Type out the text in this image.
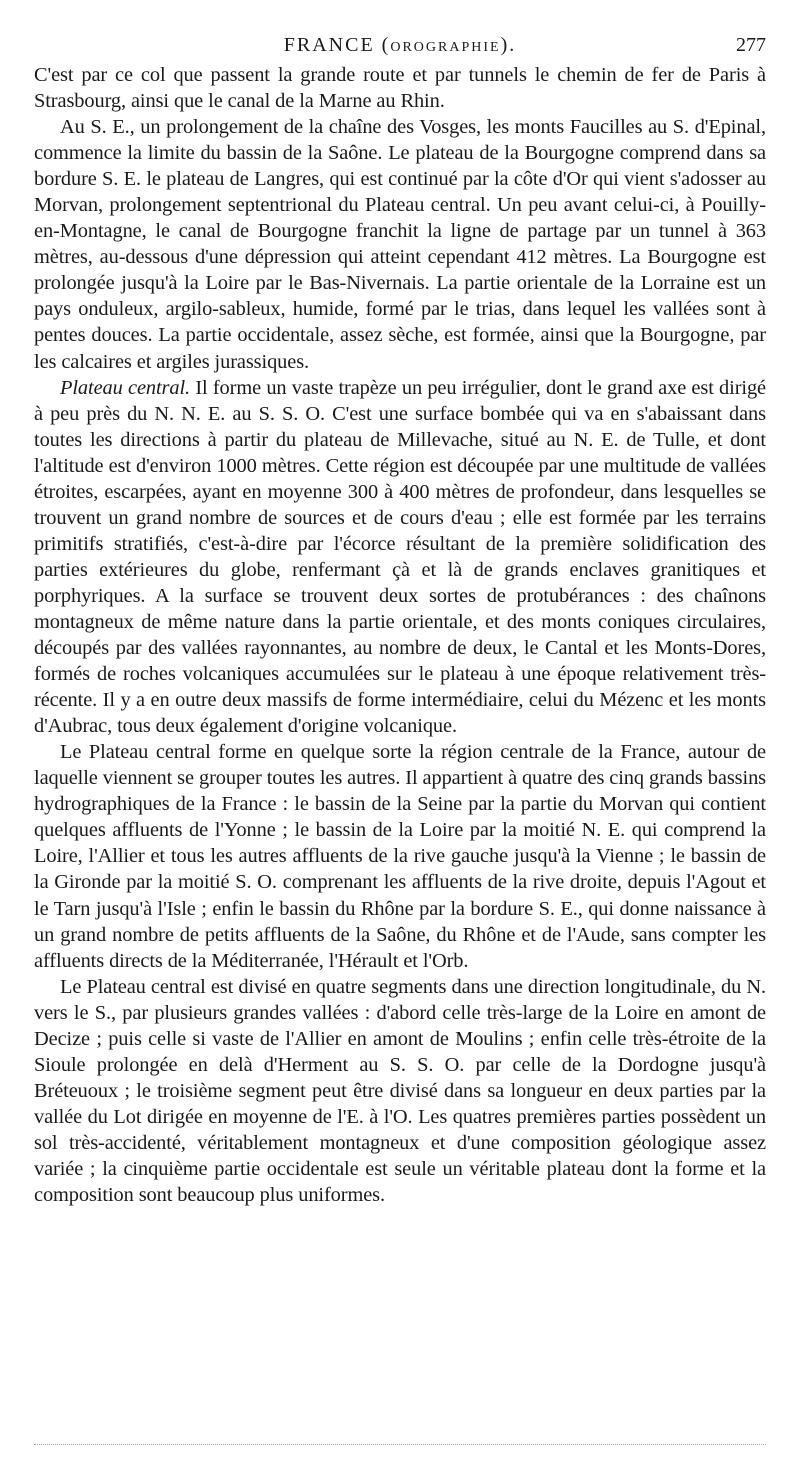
FRANCE (OROGRAPHIE).	277

C'est par ce col que passent la grande route et par tunnels le chemin de fer de Paris à Strasbourg, ainsi que le canal de la Marne au Rhin.

Au S. E., un prolongement de la chaîne des Vosges, les monts Faucilles au S. d'Epinal, commence la limite du bassin de la Saône. Le plateau de la Bourgogne comprend dans sa bordure S. E. le plateau de Langres, qui est continué par la côte d'Or qui vient s'adosser au Morvan, prolongement septentrional du Plateau central. Un peu avant celui-ci, à Pouilly-en-Montagne, le canal de Bourgogne franchit la ligne de partage par un tunnel à 363 mètres, au-dessous d'une dépression qui atteint cependant 412 mètres. La Bourgogne est prolongée jusqu'à la Loire par le Bas-Nivernais. La partie orientale de la Lorraine est un pays onduleux, argilo-sableux, humide, formé par le trias, dans lequel les vallées sont à pentes douces. La partie occidentale, assez sèche, est formée, ainsi que la Bourgogne, par les calcaires et argiles jurassiques.

Plateau central. Il forme un vaste trapèze un peu irrégulier, dont le grand axe est dirigé à peu près du N. N. E. au S. S. O. C'est une surface bombée qui va en s'abaissant dans toutes les directions à partir du plateau de Millevache, situé au N. E. de Tulle, et dont l'altitude est d'environ 1000 mètres. Cette région est découpée par une multitude de vallées étroites, escarpées, ayant en moyenne 300 à 400 mètres de profondeur, dans lesquelles se trouvent un grand nombre de sources et de cours d'eau ; elle est formée par les terrains primitifs stratifiés, c'est-à-dire par l'écorce résultant de la première solidification des parties extérieures du globe, renfermant çà et là de grands enclaves granitiques et porphyriques. A la surface se trouvent deux sortes de protubérances : des chaînons montagneux de même nature dans la partie orientale, et des monts coniques circulaires, découpés par des vallées rayonnantes, au nombre de deux, le Cantal et les Monts-Dores, formés de roches volcaniques accumulées sur le plateau à une époque relativement très-récente. Il y a en outre deux massifs de forme intermédiaire, celui du Mézenc et les monts d'Aubrac, tous deux également d'origine volcanique.

Le Plateau central forme en quelque sorte la région centrale de la France, autour de laquelle viennent se grouper toutes les autres. Il appartient à quatre des cinq grands bassins hydrographiques de la France : le bassin de la Seine par la partie du Morvan qui contient quelques affluents de l'Yonne ; le bassin de la Loire par la moitié N. E. qui comprend la Loire, l'Allier et tous les autres affluents de la rive gauche jusqu'à la Vienne ; le bassin de la Gironde par la moitié S. O. comprenant les affluents de la rive droite, depuis l'Agout et le Tarn jusqu'à l'Isle ; enfin le bassin du Rhône par la bordure S. E., qui donne naissance à un grand nombre de petits affluents de la Saône, du Rhône et de l'Aude, sans compter les affluents directs de la Méditerranée, l'Hérault et l'Orb.

Le Plateau central est divisé en quatre segments dans une direction longitudinale, du N. vers le S., par plusieurs grandes vallées : d'abord celle très-large de la Loire en amont de Decize ; puis celle si vaste de l'Allier en amont de Moulins ; enfin celle très-étroite de la Sioule prolongée en delà d'Herment au S. S. O. par celle de la Dordogne jusqu'à Bréteuoux ; le troisième segment peut être divisé dans sa longueur en deux parties par la vallée du Lot dirigée en moyenne de l'E. à l'O. Les quatres premières parties possèdent un sol très-accidenté, véritablement montagneux et d'une composition géologique assez variée ; la cinquième partie occidentale est seule un véritable plateau dont la forme et la composition sont beaucoup plus uniformes.
